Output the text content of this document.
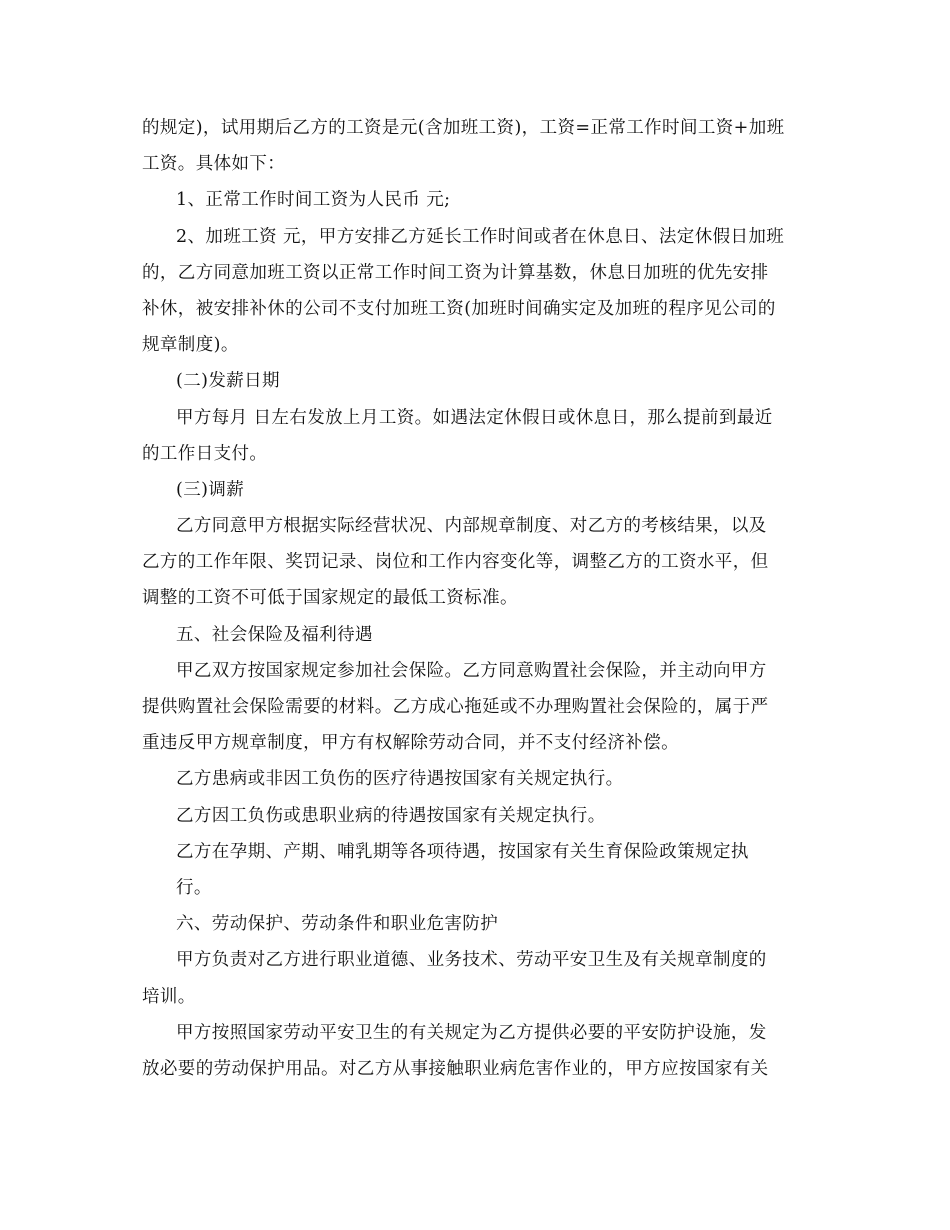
的规定)，试用期后乙方的工资是元(含加班工资)，工资=正常工作时间工资+加班
工资。具体如下：
1、正常工作时间工资为人民币 元;
2、加班工资 元，甲方安排乙方延长工作时间或者在休息日、法定休假日加班
的，乙方同意加班工资以正常工作时间工资为计算基数，休息日加班的优先安排
补休，被安排补休的公司不支付加班工资(加班时间确实定及加班的程序见公司的
规章制度)。
(二)发薪日期
甲方每月 日左右发放上月工资。如遇法定休假日或休息日，那么提前到最近
的工作日支付。
(三)调薪
乙方同意甲方根据实际经营状况、内部规章制度、对乙方的考核结果，以及
乙方的工作年限、奖罚记录、岗位和工作内容变化等，调整乙方的工资水平，但
调整的工资不可低于国家规定的最低工资标准。
五、社会保险及福利待遇
甲乙双方按国家规定参加社会保险。乙方同意购置社会保险，并主动向甲方
提供购置社会保险需要的材料。乙方成心拖延或不办理购置社会保险的，属于严
重违反甲方规章制度，甲方有权解除劳动合同，并不支付经济补偿。
乙方患病或非因工负伤的医疗待遇按国家有关规定执行。
乙方因工负伤或患职业病的待遇按国家有关规定执行。
乙方在孕期、产期、哺乳期等各项待遇，按国家有关生育保险政策规定执
行。
六、劳动保护、劳动条件和职业危害防护
甲方负责对乙方进行职业道德、业务技术、劳动平安卫生及有关规章制度的
培训。
甲方按照国家劳动平安卫生的有关规定为乙方提供必要的平安防护设施，发
放必要的劳动保护用品。对乙方从事接触职业病危害作业的，甲方应按国家有关
